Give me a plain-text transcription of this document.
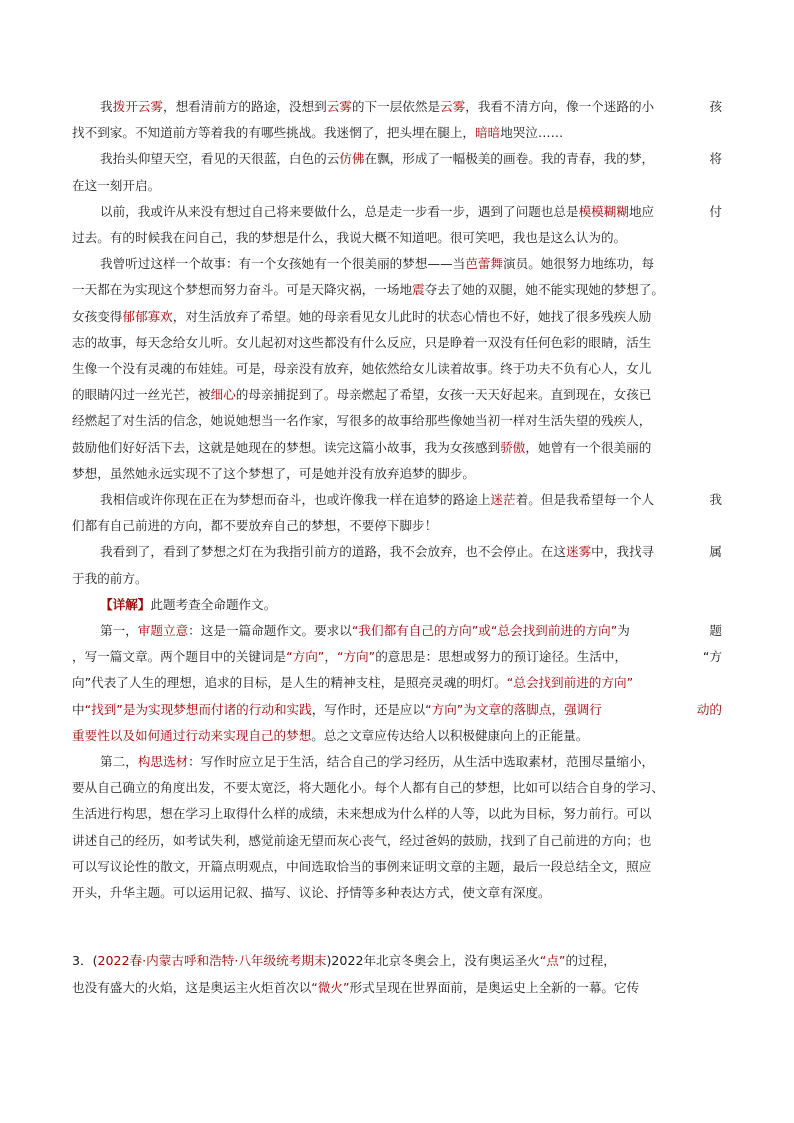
我拨开云雾，想看清前方的路途，没想到云雾的下一层依然是云雾，我看不清方向，像一个迷路的小	孩

找不到家。不知道前方等着我的有哪些挑战。我迷惘了，把头埋在腿上，暗暗地哭泣……

我抬头仰望天空，看见的天很蓝，白色的云仿佛在飘，形成了一幅极美的画卷。我的青春，我的梦，	将

在这一刻开启。

以前，我或许从来没有想过自己将来要做什么，总是走一步看一步，遇到了问题也总是模模糊糊地应	付

过去。有的时候我在问自己，我的梦想是什么，我说大概不知道吧。很可笑吧，我也是这么认为的。

我曾听过这样一个故事：有一个女孩她有一个很美丽的梦想——当芭蕾舞演员。她很努力地练功，每

一天都在为实现这个梦想而努力奋斗。可是天降灾祸，一场地震夺去了她的双腿，她不能实现她的梦想了。

女孩变得郁郁寡欢，对生活放弃了希望。她的母亲看见女儿此时的状态心情也不好，她找了很多残疾人励

志的故事，每天念给女儿听。女儿起初对这些都没有什么反应，只是睁着一双没有任何色彩的眼睛，活生

生像一个没有灵魂的布娃娃。可是，母亲没有放弃，她依然给女儿读着故事。终于功夫不负有心人，女儿

的眼睛闪过一丝光芒，被细心的母亲捕捉到了。母亲燃起了希望，女孩一天天好起来。直到现在，女孩已

经燃起了对生活的信念，她说她想当一名作家，写很多的故事给那些像她当初一样对生活失望的残疾人，

鼓励他们好好活下去，这就是她现在的梦想。读完这篇小故事，我为女孩感到骄傲，她曾有一个很美丽的

梦想，虽然她永远实现不了这个梦想了，可是她并没有放弃追梦的脚步。

我相信或许你现在正在为梦想而奋斗，也或许像我一样在追梦的路途上迷茫着。但是我希望每一个人	我

们都有自己前进的方向，都不要放弃自己的梦想，不要停下脚步！

我看到了，看到了梦想之灯在为我指引前方的道路，我不会放弃，也不会停止。在这迷雾中，我找寻	属

于我的前方。

【详解】此题考查全命题作文。

第一，审题立意：这是一篇命题作文。要求以“我们都有自己的方向”或“总会找到前进的方向”为	题

，写一篇文章。两个题目中的关键词是“方向”，“方向”的意思是：思想或努力的预订途径。生活中，	“方

向”代表了人生的理想，追求的目标，是人生的精神支柱，是照亮灵魂的明灯。“总会找到前进的方向”

中“找到”是为实现梦想而付诸的行动和实践，写作时，还是应以“方向”为文章的落脚点，强调行	动的

重要性以及如何通过行动来实现自己的梦想。总之文章应传达给人以积极健康向上的正能量。

第二，构思选材：写作时应立足于生活，结合自己的学习经历，从生活中选取素材，范围尽量缩小，

要从自己确立的角度出发，不要太宽泛，将大题化小。每个人都有自己的梦想，比如可以结合自身的学习、

生活进行构思，想在学习上取得什么样的成绩，未来想成为什么样的人等，以此为目标，努力前行。可以

讲述自己的经历，如考试失利，感觉前途无望而灰心丧气，经过爸妈的鼓励，找到了自己前进的方向；也

可以写议论性的散文，开篇点明观点，中间选取恰当的事例来证明文章的主题，最后一段总结全文，照应

开头，升华主题。可以运用记叙、描写、议论、抒情等多种表达方式，使文章有深度。

3．(2022春·内蒙古呼和浩特·八年级统考期末)2022年北京冬奥会上，没有奥运圣火“点”的过程，

也没有盛大的火焰，这是奥运主火炬首次以“微火”形式呈现在世界面前，是奥运史上全新的一幕。它传
